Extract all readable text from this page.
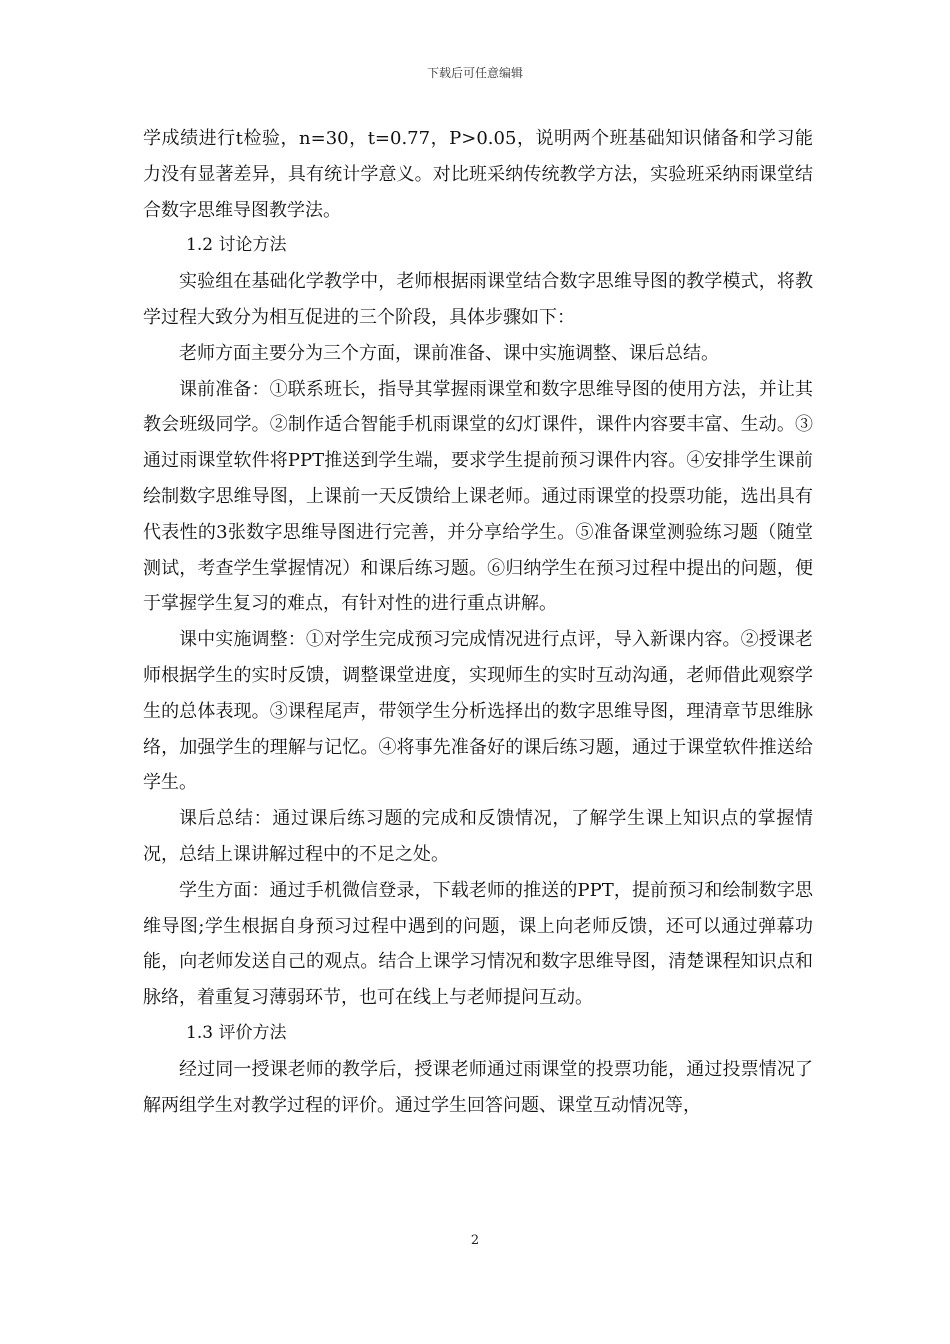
下载后可任意编辑

学成绩进行t检验，n=30，t=0.77，P>0.05，说明两个班基础知识储备和学习能力没有显著差异，具有统计学意义。对比班采纳传统教学方法，实验班采纳雨课堂结合数字思维导图教学法。

1.2 讨论方法

实验组在基础化学教学中，老师根据雨课堂结合数字思维导图的教学模式，将教学过程大致分为相互促进的三个阶段，具体步骤如下：

老师方面主要分为三个方面，课前准备、课中实施调整、课后总结。

课前准备：①联系班长，指导其掌握雨课堂和数字思维导图的使用方法，并让其教会班级同学。②制作适合智能手机雨课堂的幻灯课件，课件内容要丰富、生动。③通过雨课堂软件将PPT推送到学生端，要求学生提前预习课件内容。④安排学生课前绘制数字思维导图，上课前一天反馈给上课老师。通过雨课堂的投票功能，选出具有代表性的3张数字思维导图进行完善，并分享给学生。⑤准备课堂测验练习题（随堂测试，考查学生掌握情况）和课后练习题。⑥归纳学生在预习过程中提出的问题，便于掌握学生复习的难点，有针对性的进行重点讲解。

课中实施调整：①对学生完成预习完成情况进行点评，导入新课内容。②授课老师根据学生的实时反馈，调整课堂进度，实现师生的实时互动沟通，老师借此观察学生的总体表现。③课程尾声，带领学生分析选择出的数字思维导图，理清章节思维脉络，加强学生的理解与记忆。④将事先准备好的课后练习题，通过于课堂软件推送给学生。

课后总结：通过课后练习题的完成和反馈情况，了解学生课上知识点的掌握情况，总结上课讲解过程中的不足之处。

学生方面：通过手机微信登录，下载老师的推送的PPT，提前预习和绘制数字思维导图;学生根据自身预习过程中遇到的问题，课上向老师反馈，还可以通过弹幕功能，向老师发送自己的观点。结合上课学习情况和数字思维导图，清楚课程知识点和脉络，着重复习薄弱环节，也可在线上与老师提问互动。

1.3 评价方法

经过同一授课老师的教学后，授课老师通过雨课堂的投票功能，通过投票情况了解两组学生对教学过程的评价。通过学生回答问题、课堂互动情况等，

2
